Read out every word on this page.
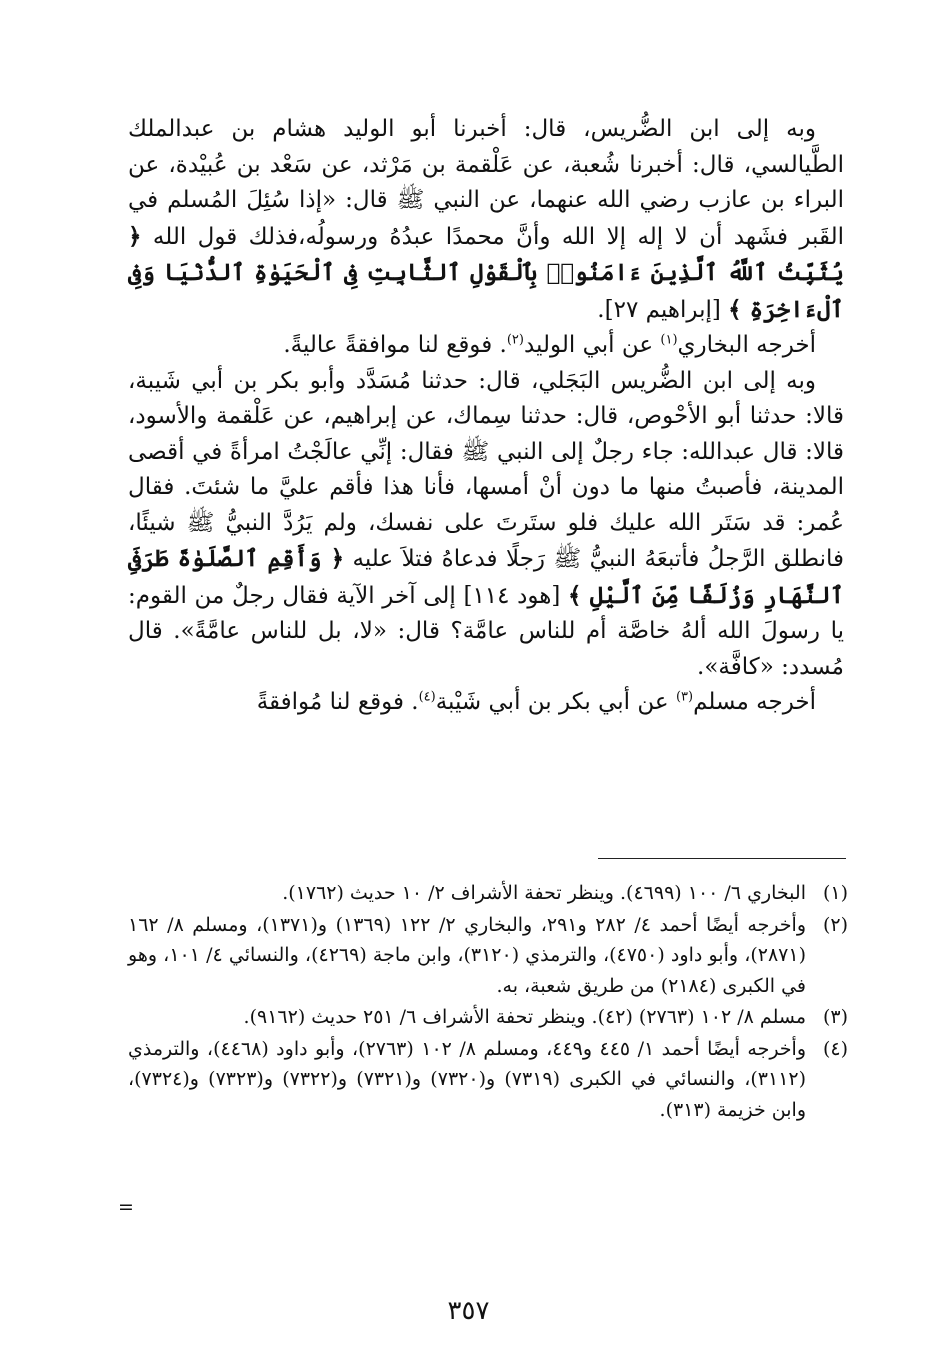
وبه إلى ابن الضُّريس، قال: أخبرنا أبو الوليد هشام بن عبدالملك الطَّيالسي، قال: أخبرنا شُعبة، عن عَلْقمة بن مَرْثد، عن سَعْد بن عُبيْدة، عن البراء بن عازب رضي الله عنهما، عن النبي ﷺ قال: «إذا سُئِلَ المُسلم في القَبر فشَهد أن لا إله إلا الله وأنَّ محمدًا عبدُهُ ورسولُه،فذلك قول الله ﴿ يُثَبِّتُ ٱللَّهُ ٱلَّذِينَ ءَامَنُوا۟ بِٱلْقَوْلِ ٱلثَّابِتِ فِى ٱلْحَيَوٰةِ ٱلدُّنْيَا وَفِى ٱلْءَاخِرَةِ ﴾ [إبراهيم ٢٧].

أخرجه البخاري$^{(١)}$ عن أبي الوليد$^{(٢)}$. فوقع لنا موافقةً عاليةً.

وبه إلى ابن الضُّريس البَجَلي، قال: حدثنا مُسَدَّد وأبو بكر بن أبي شَيبة، قالا: حدثنا أبو الأحْوص، قال: حدثنا سِماك، عن إبراهيم، عن عَلْقمة والأسود، قالا: قال عبدالله: جاء رجلٌ إلى النبي ﷺ فقال: إنِّي عالَجْتُ امرأةً في أقصى المدينة، فأصبتُ منها ما دون أنْ أمسها، فأنا هذا فأقم عليَّ ما شئتَ. فقال عُمر: قد سَتَر الله عليك فلو ستَرتَ على نفسك، ولم يَرُدَّ النبيُّ ﷺ شيئًا، فانطلق الرَّجلُ فأتبعَهُ النبيُّ ﷺ رَجلًا فدعاهُ فتلاَ عليه ﴿ وَأَقِمِ ٱلصَّلَوٰةَ طَرَفَىِ ٱلنَّهَارِ وَزُلَفًا مِّنَ ٱلَّيْلِ ﴾ [هود ١١٤] إلى آخر الآية فقال رجلٌ من القوم: يا رسولَ الله ألهُ خاصَّة أم للناس عامَّة؟ قال: «لا، بل للناس عامَّةً». قال مُسدد: «كافَّة».

أخرجه مسلم$^{(٣)}$ عن أبي بكر بن أبي شَيْبة$^{(٤)}$. فوقع لنا مُوافقةً

(١)
البخاري ٦/ ١٠٠ (٤٦٩٩). وينظر تحفة الأشراف ٢/ ١٠ حديث (١٧٦٢).
(٢)
وأخرجه أيضًا أحمد ٤/ ٢٨٢ و٢٩١، والبخاري ٢/ ١٢٢ (١٣٦٩) و(١٣٧١)، ومسلم ٨/ ١٦٢ (٢٨٧١)، وأبو داود (٤٧٥٠)، والترمذي (٣١٢٠)، وابن ماجة (٤٢٦٩)، والنسائي ٤/ ١٠١، وهو في الكبرى (٢١٨٤) من طريق شعبة، به.
(٣)
مسلم ٨/ ١٠٢ (٢٧٦٣) (٤٢). وينظر تحفة الأشراف ٦/ ٢٥١ حديث (٩١٦٢).
(٤)
وأخرجه أيضًا أحمد ١/ ٤٤٥ و٤٤٩، ومسلم ٨/ ١٠٢ (٢٧٦٣)، وأبو داود (٤٤٦٨)، والترمذي (٣١١٢)، والنسائي في الكبرى (٧٣١٩) و(٧٣٢٠) و(٧٣٢١) و(٧٣٢٢) و(٧٣٢٣) و(٧٣٢٤)، وابن خزيمة (٣١٣).
=
٣٥٧
